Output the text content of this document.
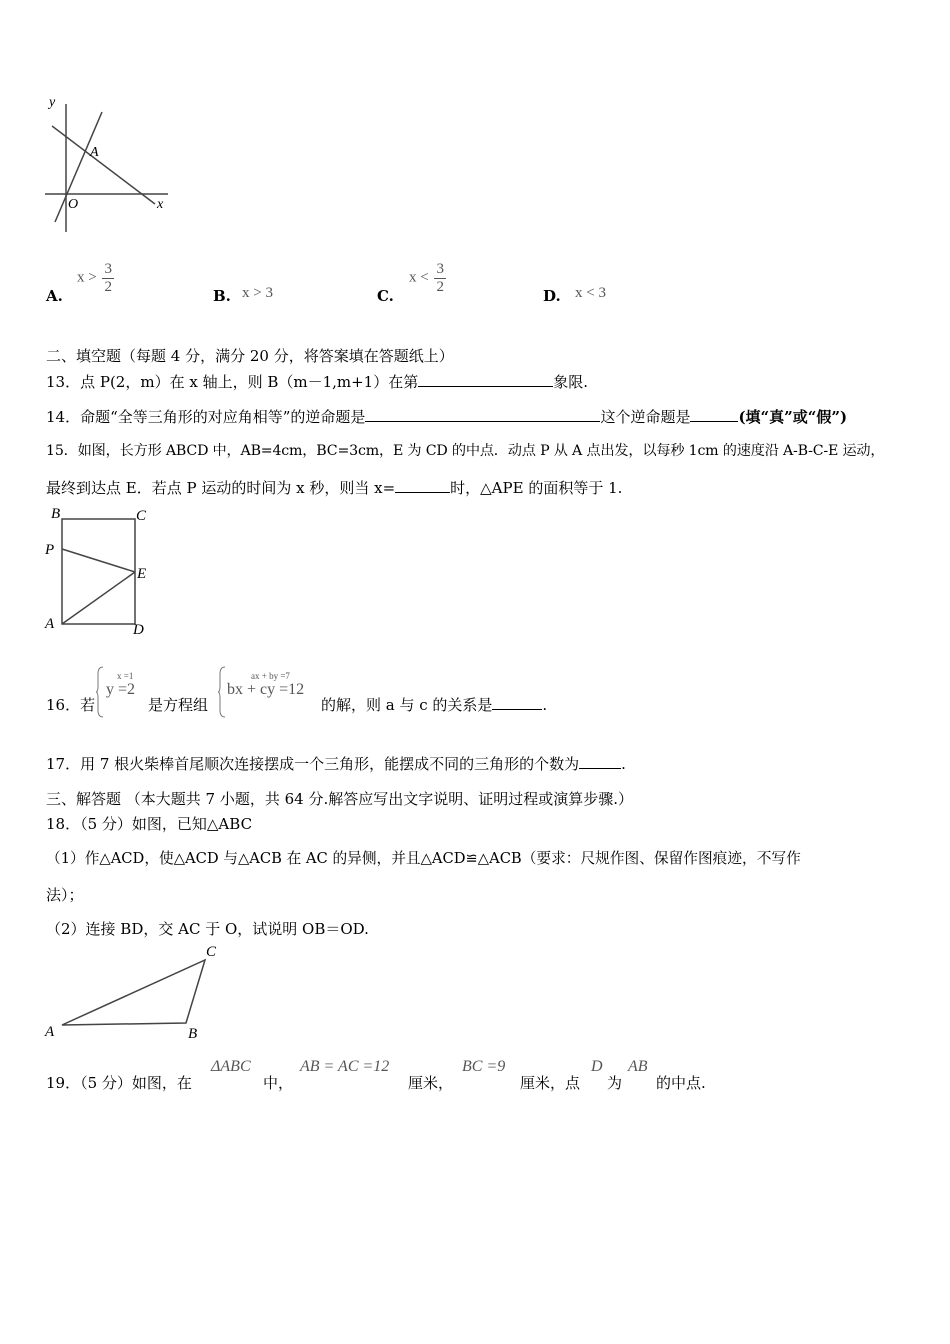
y
A
O	x
A.
$x > \frac{3}{2}$
B. x > 3	C.
$x < \frac{3}{2}$
D. x < 3
二、填空题（每题 4 分，满分 20 分，将答案填在答题纸上）
13．点 P(2，m）在 x 轴上，则 B（m－1,m+1）在第	象限.
14．命题“全等三角形的对应角相等”的逆命题是	这个逆命题是	(填“真”或“假”)
15．如图，长方形 ABCD 中，AB=4cm，BC=3cm，E 为 CD 的中点．动点 P 从 A 点出发，以每秒 1cm 的速度沿 A-B-C-E 运动，
最终到达点 E．若点 P 运动的时间为 x 秒，则当 x=	时，△APE 的面积等于 1.
B	C
P
E
A	D
16．若
x =1
y =2
是方程组
ax + by =7
bx + cy =12
的解，则 a 与 c 的关系是	.
17．用 7 根火柴棒首尾顺次连接摆成一个三角形，能摆成不同的三角形的个数为	.
三、解答题 （本大题共 7 小题，共 64 分.解答应写出文字说明、证明过程或演算步骤.）
18．（5 分）如图，已知△ABC
（1）作△ACD，使△ACD 与△ACB 在 AC 的异侧，并且△ACD≌△ACB（要求：尺规作图、保留作图痕迹，不写作
法）；
（2）连接 BD，交 AC 于 O，试说明 OB＝OD.
A	B
C
19．（5 分）如图，在
ΔABC
中，
AB = AC =12
厘米，
BC =9
厘米，点
D
为
AB
的中点.
